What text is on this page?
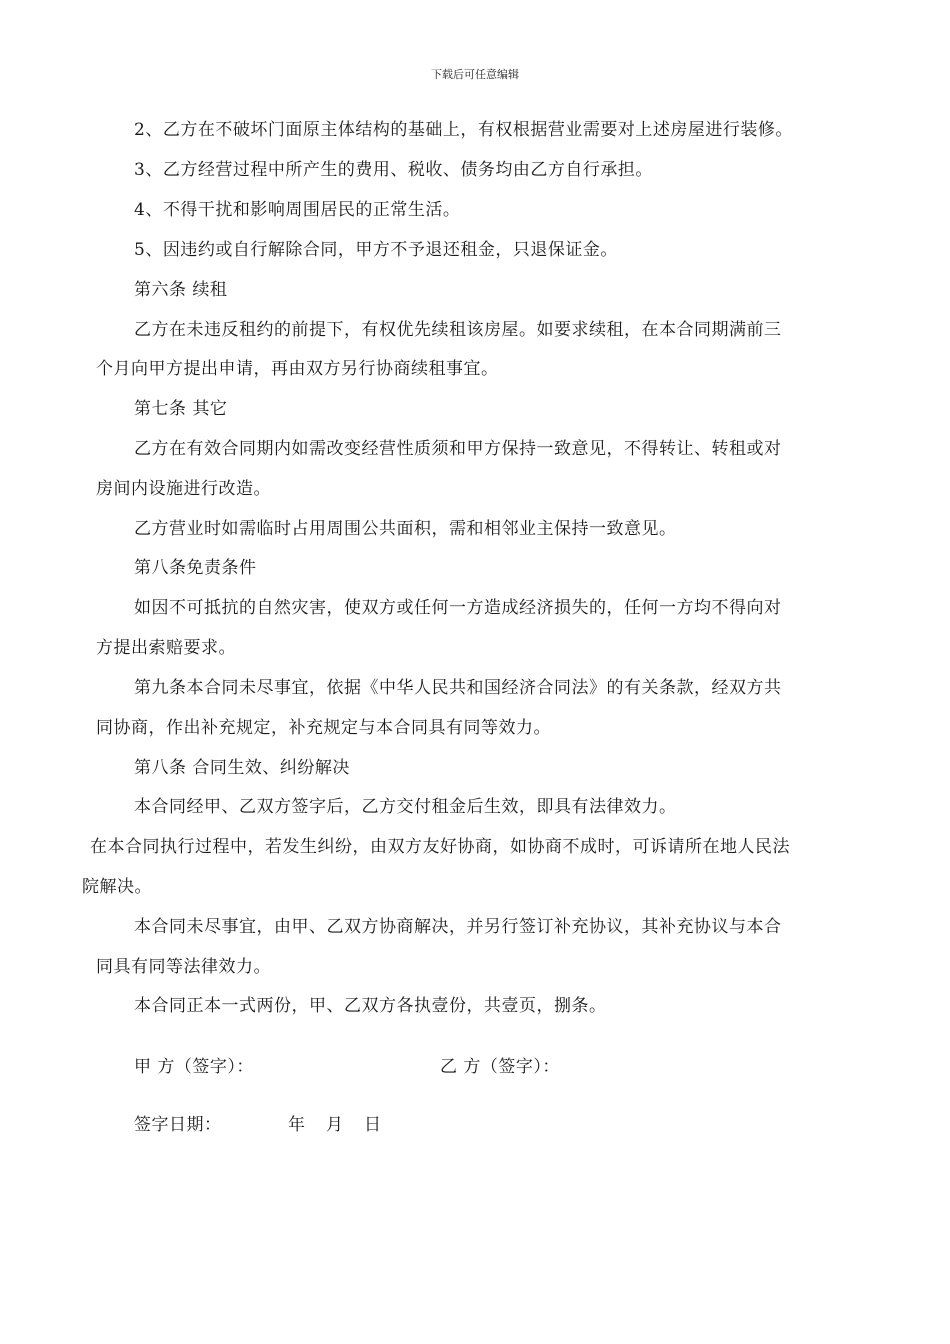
下载后可任意编辑
2、乙方在不破坏门面原主体结构的基础上，有权根据营业需要对上述房屋进行装修。
3、乙方经营过程中所产生的费用、税收、债务均由乙方自行承担。
4、不得干扰和影响周围居民的正常生活。
5、因违约或自行解除合同，甲方不予退还租金，只退保证金。
第六条 续租
乙方在未违反租约的前提下，有权优先续租该房屋。如要求续租，在本合同期满前三
个月向甲方提出申请，再由双方另行协商续租事宜。
第七条 其它
乙方在有效合同期内如需改变经营性质须和甲方保持一致意见，不得转让、转租或对
房间内设施进行改造。
乙方营业时如需临时占用周围公共面积，需和相邻业主保持一致意见。
第八条免责条件
如因不可抵抗的自然灾害，使双方或任何一方造成经济损失的，任何一方均不得向对
方提出索赔要求。
第九条本合同未尽事宜，依据《中华人民共和国经济合同法》的有关条款，经双方共
同协商，作出补充规定，补充规定与本合同具有同等效力。
第八条 合同生效、纠纷解决
本合同经甲、乙双方签字后，乙方交付租金后生效，即具有法律效力。
在本合同执行过程中，若发生纠纷，由双方友好协商，如协商不成时，可诉请所在地人民法
院解决。
本合同未尽事宜，由甲、乙双方协商解决，并另行签订补充协议，其补充协议与本合
同具有同等法律效力。
本合同正本一式两份，甲、乙双方各执壹份，共壹页，捌条。
甲 方（签字）：	乙 方（签字）：
签字日期：	年 月 日
